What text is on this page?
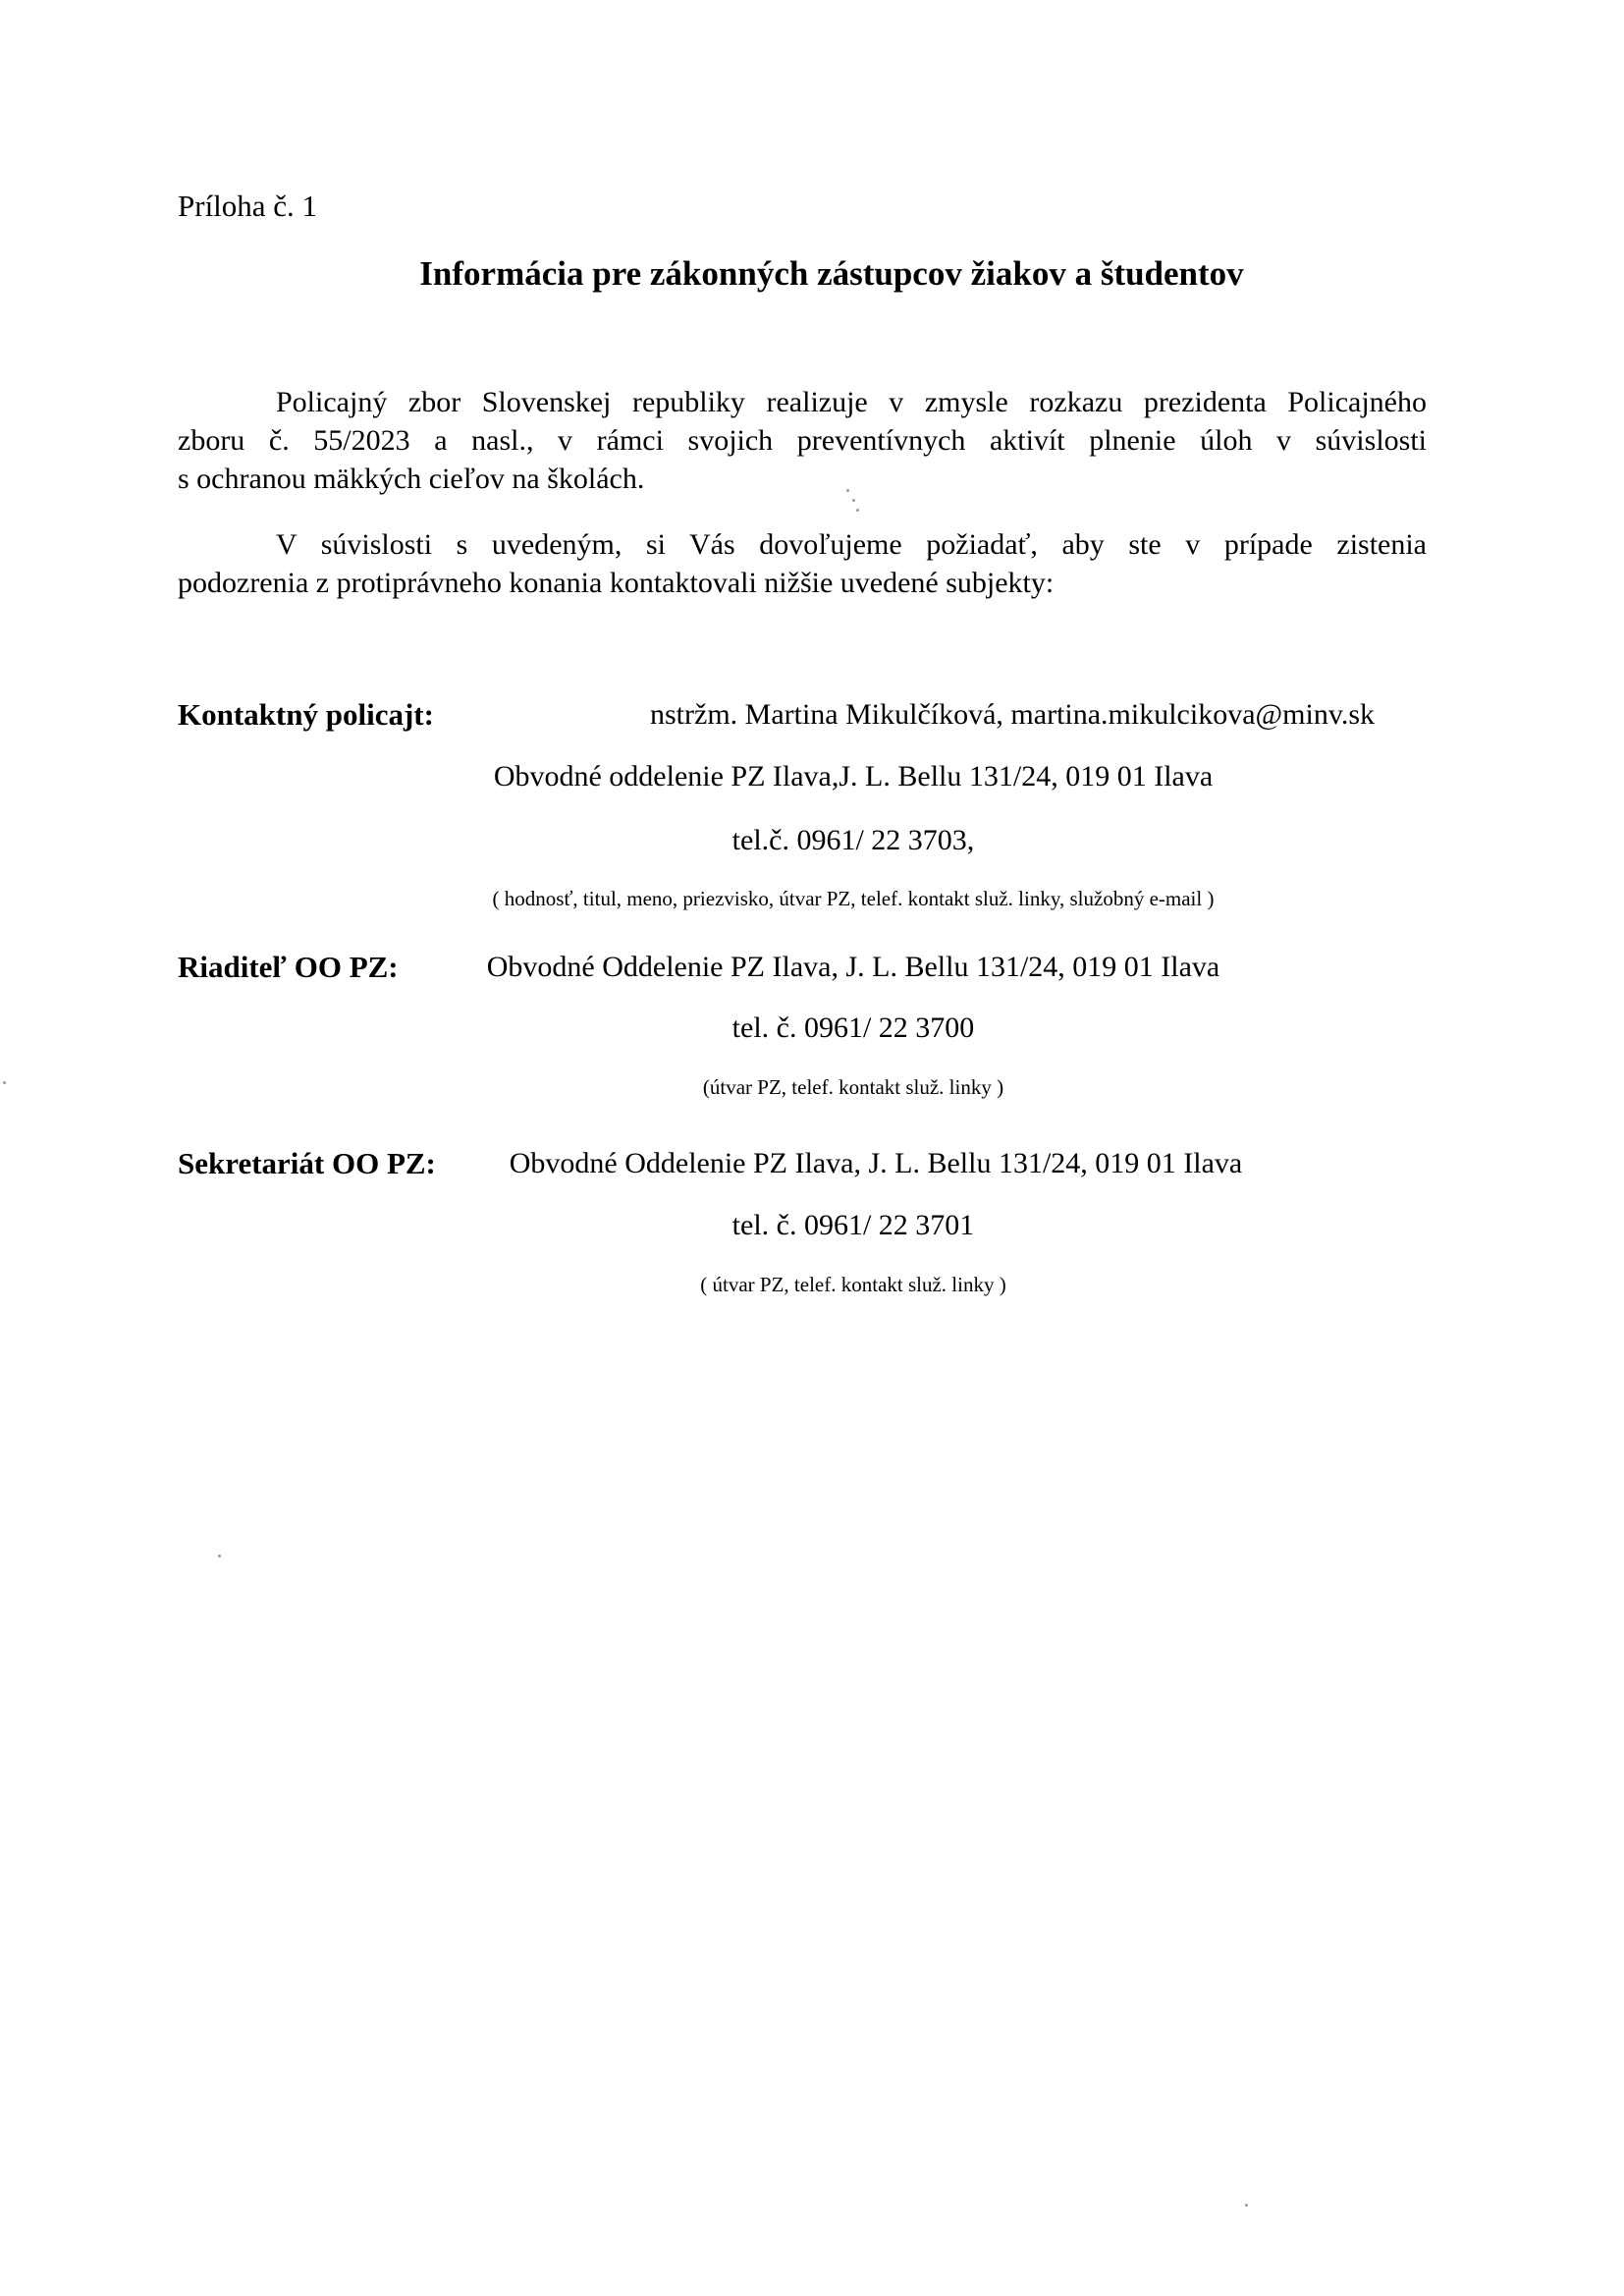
Príloha č. 1
Informácia pre zákonných zástupcov žiakov a študentov
Policajný zbor Slovenskej republiky realizuje v zmysle rozkazu prezidenta Policajného
zboru č. 55/2023 a nasl., v rámci svojich preventívnych aktivít plnenie úloh v súvislosti
s ochranou mäkkých cieľov na školách.
V súvislosti s uvedeným, si Vás dovoľujeme požiadať, aby ste v prípade zistenia
podozrenia z protiprávneho konania kontaktovali nižšie uvedené subjekty:
Kontaktný policajt:	nstržm. Martina Mikulčíková, martina.mikulcikova@minv.sk
Obvodné oddelenie PZ Ilava,J. L. Bellu 131/24, 019 01 Ilava
tel.č. 0961/ 22 3703,
( hodnosť, titul, meno, priezvisko, útvar PZ, telef. kontakt služ. linky, služobný e-mail )
Riaditeľ OO PZ:	Obvodné Oddelenie PZ Ilava, J. L. Bellu 131/24, 019 01 Ilava
tel. č. 0961/ 22 3700
(útvar PZ, telef. kontakt služ. linky )
Sekretariát OO PZ:	Obvodné Oddelenie PZ Ilava, J. L. Bellu 131/24, 019 01 Ilava
tel. č. 0961/ 22 3701
( útvar PZ, telef. kontakt služ. linky )
